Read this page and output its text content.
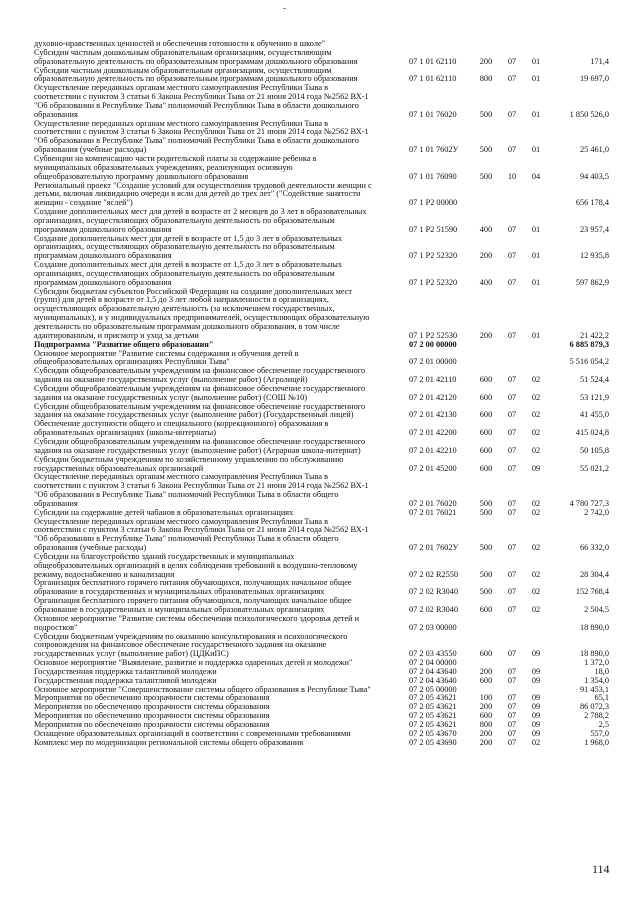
духовно-нравственных ценностей и обеспечения готовности к обучению в школе"
Субсидии частным дошкольным образовательным организациям, осуществляющим
образовательную деятельность по образовательным программам дошкольного образования	07 1 01 62110	200	07	01	171,4
Субсидии частным дошкольным образовательным организациям, осуществляющим
образовательную деятельность по образовательным программам дошкольного образования	07 1 01 62110	800	07	01	19 697,0
Осуществление переданных органам местного самоуправления Республики Тыва в
соответствии с пунктом 3 статьи 6 Закона Республики Тыва от 21 июня 2014 года №2562 ВХ-1
"Об образовании в Республике Тыва" полномочий Республики Тыва в области дошкольного
образования	07 1 01 76020	500	07	01	1 850 526,0
Осуществление переданных органам местного самоуправления Республики Тыва в
соответствии с пунктом 3 статьи 6 Закона Республики Тыва от 21 июня 2014 года №2562 ВХ-1
"Об образовании в Республике Тыва" полномочий Республики Тыва в области дошкольного
образования (учебные расходы)	07 1 01 7602У	500	07	01	25 461,0
Субвенции на компенсацию части родительской платы за содержание ребенка в
муниципальных образовательных учреждениях, реализующих основную
общеобразовательную программу дошкольного образования	07 1 01 76090	500	10	04	94 403,5
Региональный проект "Создание условий для осуществления трудовой деятельности женщин с
детьми, включая ликвидацию очереди в ясли для детей до трех лет" ("Содействие занятости
женщин - создание "яслей")	07 1 P2 00000	656 178,4
Создание дополнительных мест для детей в возрасте от 2 месяцев до 3 лет в образовательных
организациях, осуществляющих образовательную деятельность по образовательным
программам дошкольного образования	07 1 P2 51590	400	07	01	23 957,4
Создание дополнительных мест для детей в возрасте от 1,5 до 3 лет в образовательных
организациях, осуществляющих образовательную деятельность по образовательным
программам дошкольного образования	07 1 P2 52320	200	07	01	12 935,8
Создание дополнительных мест для детей в возрасте от 1,5 до 3 лет в образовательных
организациях, осуществляющих образовательную деятельность по образовательным
программам дошкольного образования	07 1 P2 52320	400	07	01	597 862,9
Субсидии бюджетам субъектов Российской Федерации на создание дополнительных мест
(групп) для детей в возрасте от 1,5 до 3 лет любой направленности в организациях,
осуществляющих образовательную деятельность (за исключением государственных,
муниципальных), и у индивидуальных предпринимателей, осуществляющих образовательную
деятельность по образовательным программам дошкольного образования, в том числе
адаптированным, и присмотр и уход за детьми	07 1 P2 52530	200	07	01	21 422,2
Подпрограмма "Развитие общего образования"	07 2 00 00000	6 885 879,3
Основное мероприятие "Развитие системы содержания и обучения детей в
общеобразовательных организациях Республики Тыва"	07 2 01 00000	5 516 054,2
Субсидии общеобразовательным учреждениям на финансовое обеспечение государственного
задания на оказание государственных услуг (выполнение работ) (Агролицей)	07 2 01 42110	600	07	02	51 524,4
Субсидии общеобразовательным учреждениям на финансовое обеспечение государственного
задания на оказание государственных услуг (выполнение работ) (СОШ №10)	07 2 01 42120	600	07	02	53 121,9
Субсидии общеобразовательным учреждениям на финансовое обеспечение государственного
задания на оказание государственных услуг (выполнение работ) (Государственный лицей)	07 2 01 42130	600	07	02	41 455,0
Обеспечение доступности общего и специального (коррекционного) образования в
образовательных организациях (школы-интернаты)	07 2 01 42200	600	07	02	415 024,8
Субсидии общеобразовательным учреждениям на финансовое обеспечение государственного
задания на оказание государственных услуг (выполнение работ) (Аграрная школа-интернат)	07 2 01 42210	600	07	02	50 105,8
Субсидии бюджетным учреждениям по хозяйственному управлению по обслуживанию
государственных образовательных организаций	07 2 01 45200	600	07	09	55 021,2
Осуществление переданных органам местного самоуправления Республики Тыва в
соответствии с пунктом 3 статьи 6 Закона Республики Тыва от 21 июня 2014 года №2562 ВХ-1
"Об образовании в Республике Тыва" полномочий Республики Тыва в области общего
образования	07 2 01 76020	500	07	02	4 780 727,3
Субсидии на содержание детей чабанов в образовательных организациях	07 2 01 76021	500	07	02	2 742,0
Осуществление переданных органам местного самоуправления Республики Тыва в
соответствии с пунктом 3 статьи 6 Закона Республики Тыва от 21 июня 2014 года №2562 ВХ-1
"Об образовании в Республике Тыва" полномочий Республики Тыва в области общего
образования (учебные расходы)	07 2 01 7602У	500	07	02	66 332,0
Субсидии на благоустройство зданий государственных и муниципальных
общеобразовательных организаций в целях соблюдения требований к воздушно-тепловому
режиму, водоснабжению и канализации	07 2 02 R2550	500	07	02	28 304,4
Организация бесплатного горячего питания обучающихся, получающих начальное общее
образование в государственных и муниципальных образовательных организациях	07 2 02 R3040	500	07	02	152 768,4
Организация бесплатного горячего питания обучающихся, получающих начальное общее
образование в государственных и муниципальных образовательных организациях	07 2 02 R3040	600	07	02	2 504,5
Основное мероприятие "Развитие системы обеспечения психологического здоровья детей и
подростков"	07 2 03 00000	18 890,0
Субсидии бюджетным учреждениям по оказанию консультирования и психологического
сопровождения на финансовое обеспечение государственного задания на оказание
государственных услуг (выполнение работ) (ЦДКиПС)	07 2 03 43550	600	07	09	18 890,0
Основное мероприятие "Выявление, развитие и поддержка одаренных детей и молодежи"	07 2 04 00000	1 372,0
Государственная поддержка талантливой молодежи	07 2 04 43640	200	07	09	18,0
Государственная поддержка талантливой молодежи	07 2 04 43640	600	07	09	1 354,0
Основное мероприятие "Совершенствование системы общего образования в Республике Тыва"	07 2 05 00000	91 453,1
Мероприятия по обеспечению прозрачности системы образования	07 2 05 43621	100	07	09	65,1
Мероприятия по обеспечению прозрачности системы образования	07 2 05 43621	200	07	09	86 072,3
Мероприятия по обеспечению прозрачности системы образования	07 2 05 43621	600	07	09	2 788,2
Мероприятия по обеспечению прозрачности системы образования	07 2 05 43621	800	07	09	2,5
Оснащение образовательных организаций в соответствии с современными требованиями	07 2 05 43670	200	07	09	557,0
Комплекс мер по модернизации региональной системы общего образования	07 2 05 43690	200	07	02	1 968,0
114
